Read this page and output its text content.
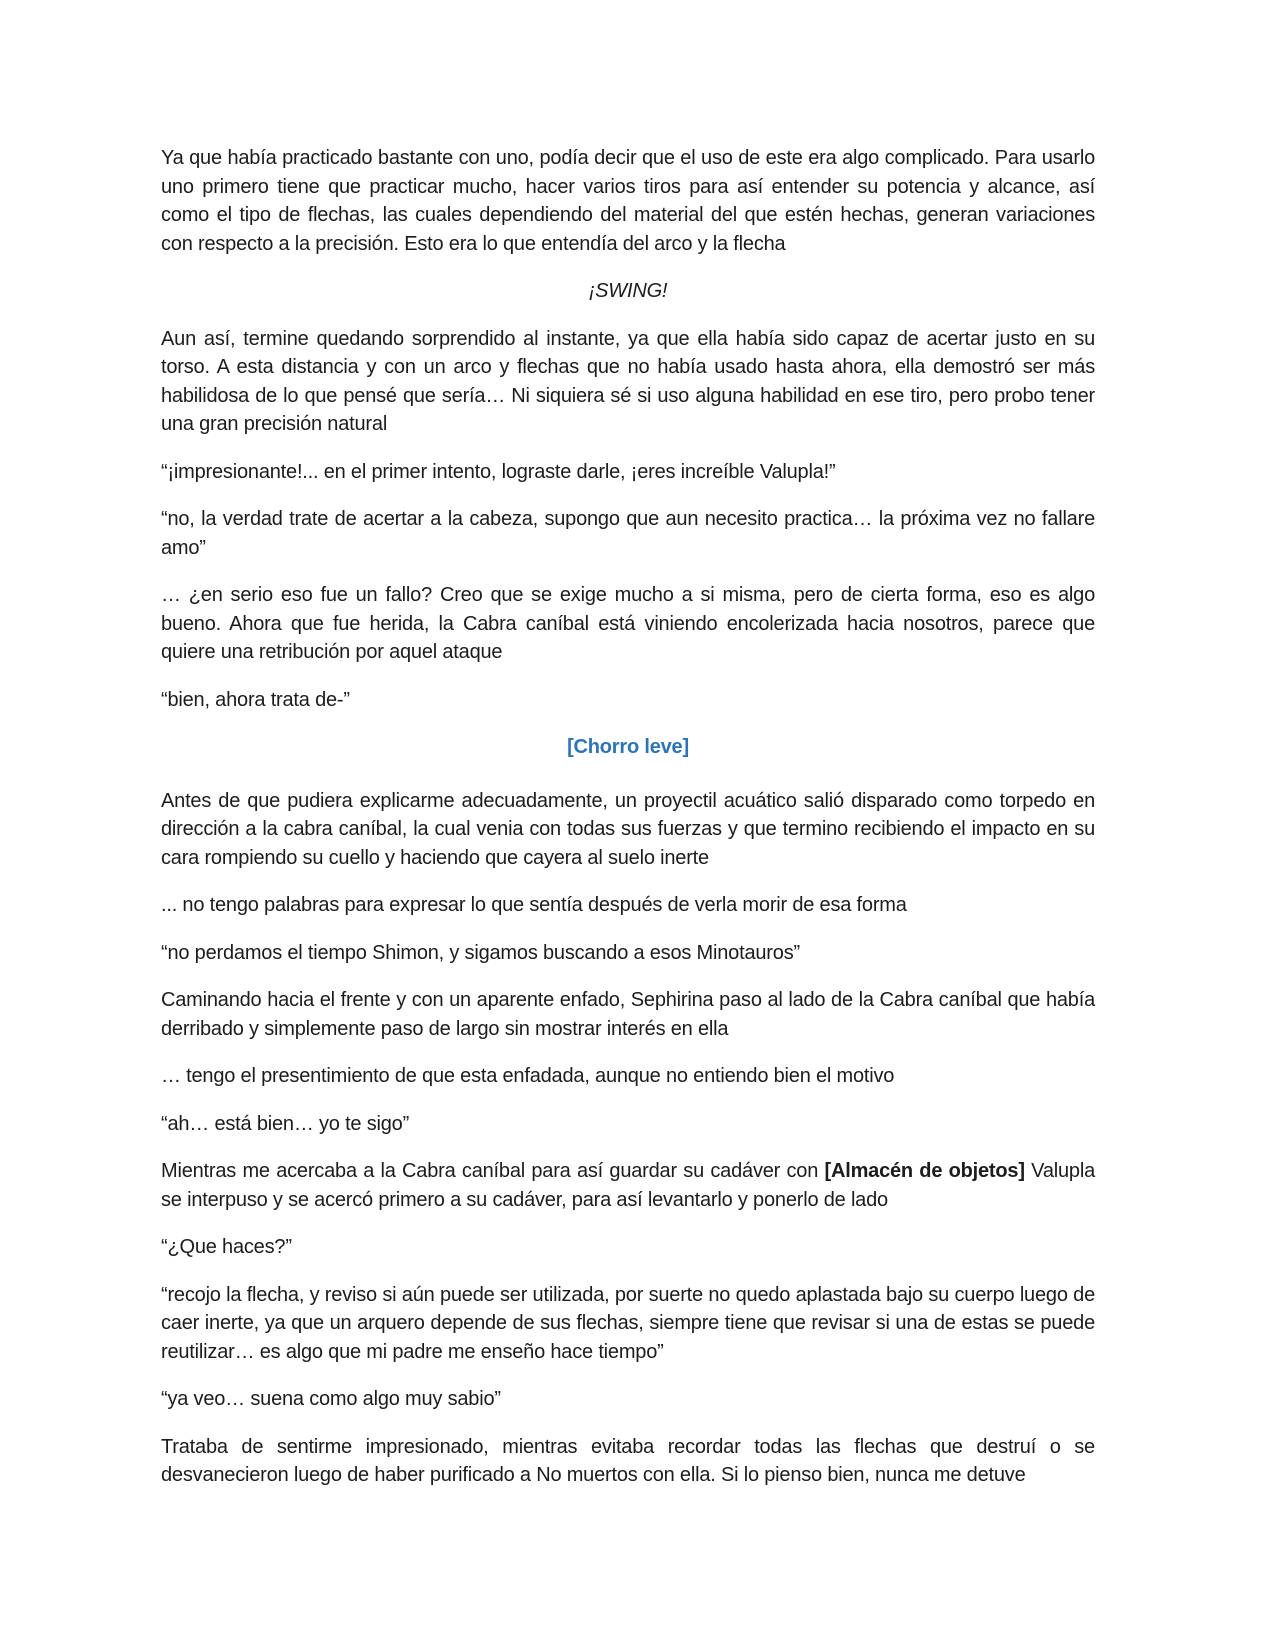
Ya que había practicado bastante con uno, podía decir que el uso de este era algo complicado. Para usarlo uno primero tiene que practicar mucho, hacer varios tiros para así entender su potencia y alcance, así como el tipo de flechas, las cuales dependiendo del material del que estén hechas, generan variaciones con respecto a la precisión. Esto era lo que entendía del arco y la flecha

¡SWING!

Aun así, termine quedando sorprendido al instante, ya que ella había sido capaz de acertar justo en su torso. A esta distancia y con un arco y flechas que no había usado hasta ahora, ella demostró ser más habilidosa de lo que pensé que sería… Ni siquiera sé si uso alguna habilidad en ese tiro, pero probo tener una gran precisión natural

“¡impresionante!... en el primer intento, lograste darle, ¡eres increíble Valupla!”

“no, la verdad trate de acertar a la cabeza, supongo que aun necesito practica… la próxima vez no fallare amo”

… ¿en serio eso fue un fallo? Creo que se exige mucho a si misma, pero de cierta forma, eso es algo bueno. Ahora que fue herida, la Cabra caníbal está viniendo encolerizada hacia nosotros, parece que quiere una retribución por aquel ataque

“bien, ahora trata de-”

[Chorro leve]

Antes de que pudiera explicarme adecuadamente, un proyectil acuático salió disparado como torpedo en dirección a la cabra caníbal, la cual venia con todas sus fuerzas y que termino recibiendo el impacto en su cara rompiendo su cuello y haciendo que cayera al suelo inerte

... no tengo palabras para expresar lo que sentía después de verla morir de esa forma

“no perdamos el tiempo Shimon, y sigamos buscando a esos Minotauros”

Caminando hacia el frente y con un aparente enfado, Sephirina paso al lado de la Cabra caníbal que había derribado y simplemente paso de largo sin mostrar interés en ella

… tengo el presentimiento de que esta enfadada, aunque no entiendo bien el motivo

“ah… está bien… yo te sigo”

Mientras me acercaba a la Cabra caníbal para así guardar su cadáver con [Almacén de objetos] Valupla se interpuso y se acercó primero a su cadáver, para así levantarlo y ponerlo de lado

“¿Que haces?”

“recojo la flecha, y reviso si aún puede ser utilizada, por suerte no quedo aplastada bajo su cuerpo luego de caer inerte, ya que un arquero depende de sus flechas, siempre tiene que revisar si una de estas se puede reutilizar… es algo que mi padre me enseño hace tiempo”

“ya veo… suena como algo muy sabio”

Trataba de sentirme impresionado, mientras evitaba recordar todas las flechas que destruí o se desvanecieron luego de haber purificado a No muertos con ella. Si lo pienso bien, nunca me detuve
